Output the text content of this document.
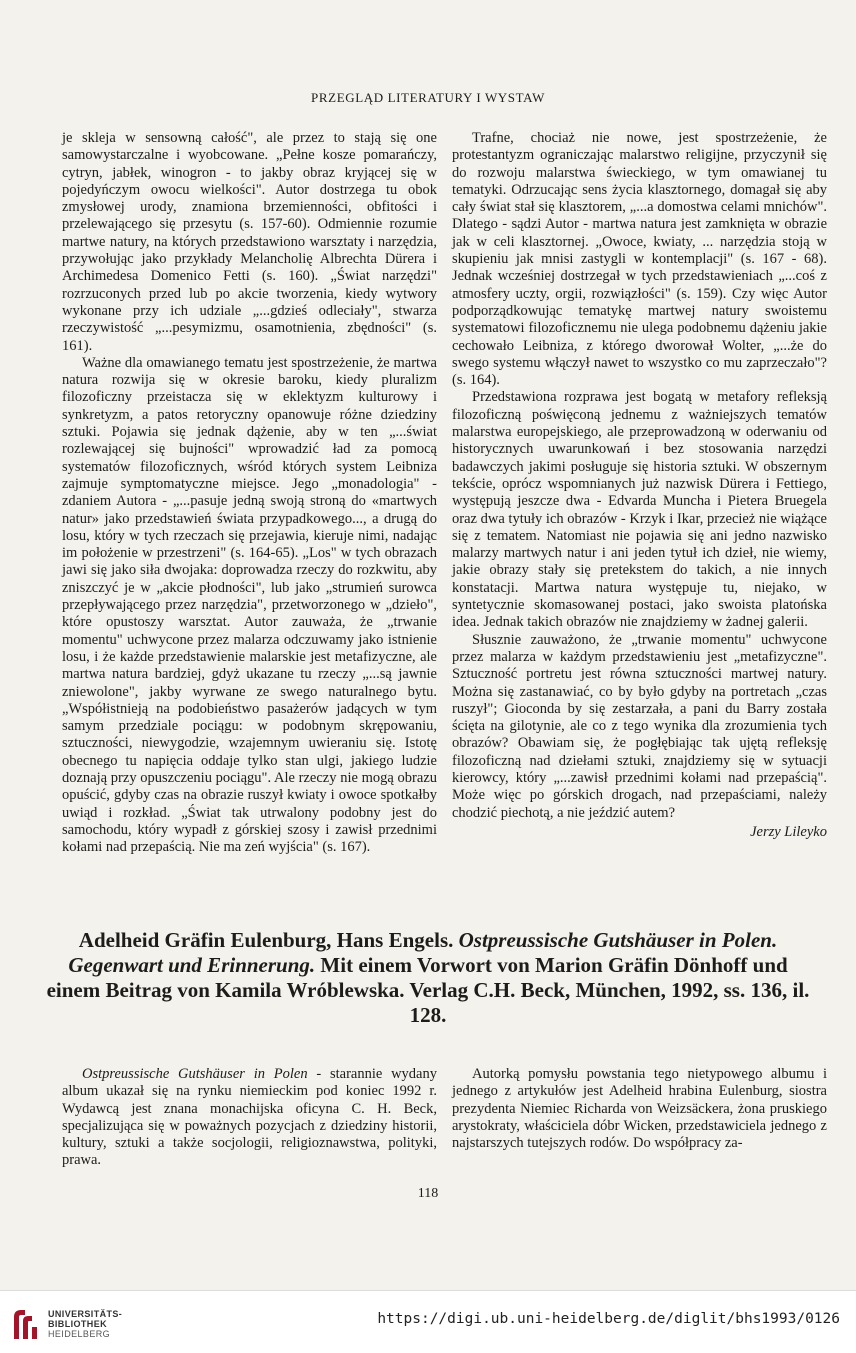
PRZEGLĄD LITERATURY I WYSTAW

je skleja w sensowną całość", ale przez to stają się one samowystarczalne i wyobcowane. „Pełne kosze pomarańczy, cytryn, jabłek, winogron - to jakby obraz kryjącej się w pojedyńczym owocu wielkości". Autor dostrzega tu obok zmysłowej urody, znamiona brzemienności, obfitości i przelewającego się przesytu (s. 157-60). Odmiennie rozumie martwe natury, na których przedstawiono warsztaty i narzędzia, przywołując jako przykłady Melancholię Albrechta Dürera i Archimedesa Domenico Fetti (s. 160). „Świat narzędzi" rozrzuconych przed lub po akcie tworzenia, kiedy wytwory wykonane przy ich udziale „...gdzieś odleciały", stwarza rzeczywistość „...pesymizmu, osamotnienia, zbędności" (s. 161).

Ważne dla omawianego tematu jest spostrzeżenie, że martwa natura rozwija się w okresie baroku, kiedy pluralizm filozoficzny przeistacza się w eklektyzm kulturowy i synkretyzm, a patos retoryczny opanowuje różne dziedziny sztuki. Pojawia się jednak dążenie, aby w ten „...świat rozlewającej się bujności" wprowadzić ład za pomocą systematów filozoficznych, wśród których system Leibniza zajmuje symptomatyczne miejsce. Jego „monadologia" - zdaniem Autora - „...pasuje jedną swoją stroną do «martwych natur» jako przedstawień świata przypadkowego..., a drugą do losu, który w tych rzeczach się przejawia, kieruje nimi, nadając im położenie w przestrzeni" (s. 164-65). „Los" w tych obrazach jawi się jako siła dwojaka: doprowadza rzeczy do rozkwitu, aby zniszczyć je w „akcie płodności", lub jako „strumień surowca przepływającego przez narzędzia", przetworzonego w „dzieło", które opustoszy warsztat. Autor zauważa, że „trwanie momentu" uchwycone przez malarza odczuwamy jako istnienie losu, i że każde przedstawienie malarskie jest metafizyczne, ale martwa natura bardziej, gdyż ukazane tu rzeczy „...są jawnie zniewolone", jakby wyrwane ze swego naturalnego bytu. „Współistnieją na podobieństwo pasażerów jadących w tym samym przedziale pociągu: w podobnym skrępowaniu, sztuczności, niewygodzie, wzajemnym uwieraniu się. Istotę obecnego tu napięcia oddaje tylko stan ulgi, jakiego ludzie doznają przy opuszczeniu pociągu". Ale rzeczy nie mogą obrazu opuścić, gdyby czas na obrazie ruszył kwiaty i owoce spotkałby uwiąd i rozkład. „Świat tak utrwalony podobny jest do samochodu, który wypadł z górskiej szosy i zawisł przednimi kołami nad przepaścią. Nie ma zeń wyjścia" (s. 167).

Trafne, chociaż nie nowe, jest spostrzeżenie, że protestantyzm ograniczając malarstwo religijne, przyczynił się do rozwoju malarstwa świeckiego, w tym omawianej tu tematyki. Odrzucając sens życia klasztornego, domagał się aby cały świat stał się klasztorem, „...a domostwa celami mnichów". Dlatego - sądzi Autor - martwa natura jest zamknięta w obrazie jak w celi klasztornej. „Owoce, kwiaty, ... narzędzia stoją w skupieniu jak mnisi zastygli w kontemplacji" (s. 167 - 68). Jednak wcześniej dostrzegał w tych przedstawieniach „...coś z atmosfery uczty, orgii, rozwiązłości" (s. 159). Czy więc Autor podporządkowując tematykę martwej natury swoistemu systematowi filozoficznemu nie ulega podobnemu dążeniu jakie cechowało Leibniza, z którego dworował Wolter, „...że do swego systemu włączył nawet to wszystko co mu zaprzeczało"? (s. 164).

Przedstawiona rozprawa jest bogatą w metafory refleksją filozoficzną poświęconą jednemu z ważniejszych tematów malarstwa europejskiego, ale przeprowadzoną w oderwaniu od historycznych uwarunkowań i bez stosowania narzędzi badawczych jakimi posługuje się historia sztuki. W obszernym tekście, oprócz wspomnianych już nazwisk Dürera i Fettiego, występują jeszcze dwa - Edvarda Muncha i Pietera Bruegela oraz dwa tytuły ich obrazów - Krzyk i Ikar, przecież nie wiążące się z tematem. Natomiast nie pojawia się ani jedno nazwisko malarzy martwych natur i ani jeden tytuł ich dzieł, nie wiemy, jakie obrazy stały się pretekstem do takich, a nie innych konstatacji. Martwa natura występuje tu, niejako, w syntetycznie skomasowanej postaci, jako swoista platońska idea. Jednak takich obrazów nie znajdziemy w żadnej galerii.

Słusznie zauważono, że „trwanie momentu" uchwycone przez malarza w każdym przedstawieniu jest „metafizyczne". Sztuczność portretu jest równa sztuczności martwej natury. Można się zastanawiać, co by było gdyby na portretach „czas ruszył"; Gioconda by się zestarzała, a pani du Barry została ścięta na gilotynie, ale co z tego wynika dla zrozumienia tych obrazów? Obawiam się, że pogłębiając tak ujętą refleksję filozoficzną nad dziełami sztuki, znajdziemy się w sytuacji kierowcy, który „...zawisł przednimi kołami nad przepaścią". Może więc po górskich drogach, nad przepaściami, należy chodzić piechotą, a nie jeździć autem?

Jerzy Lileyko
Adelheid Gräfin Eulenburg, Hans Engels. Ostpreussische Gutshäuser in Polen. Gegenwart und Erinnerung. Mit einem Vorwort von Marion Gräfin Dönhoff und einem Beitrag von Kamila Wróblewska. Verlag C.H. Beck, München, 1992, ss. 136, il. 128.

Ostpreussische Gutshäuser in Polen - starannie wydany album ukazał się na rynku niemieckim pod koniec 1992 r. Wydawcą jest znana monachijska oficyna C. H. Beck, specjalizująca się w poważnych pozycjach z dziedziny historii, kultury, sztuki a także socjologii, religioznawstwa, polityki, prawa.

Autorką pomysłu powstania tego nietypowego albumu i jednego z artykułów jest Adelheid hrabina Eulenburg, siostra prezydenta Niemiec Richarda von Weizsäckera, żona pruskiego arystokraty, właściciela dóbr Wicken, przedstawiciela jednego z najstarszych tutejszych rodów. Do współpracy za-

118
UNIVERSITÄTS-
BIBLIOTHEK
HEIDELBERG
https://digi.ub.uni-heidelberg.de/diglit/bhs1993/0126
